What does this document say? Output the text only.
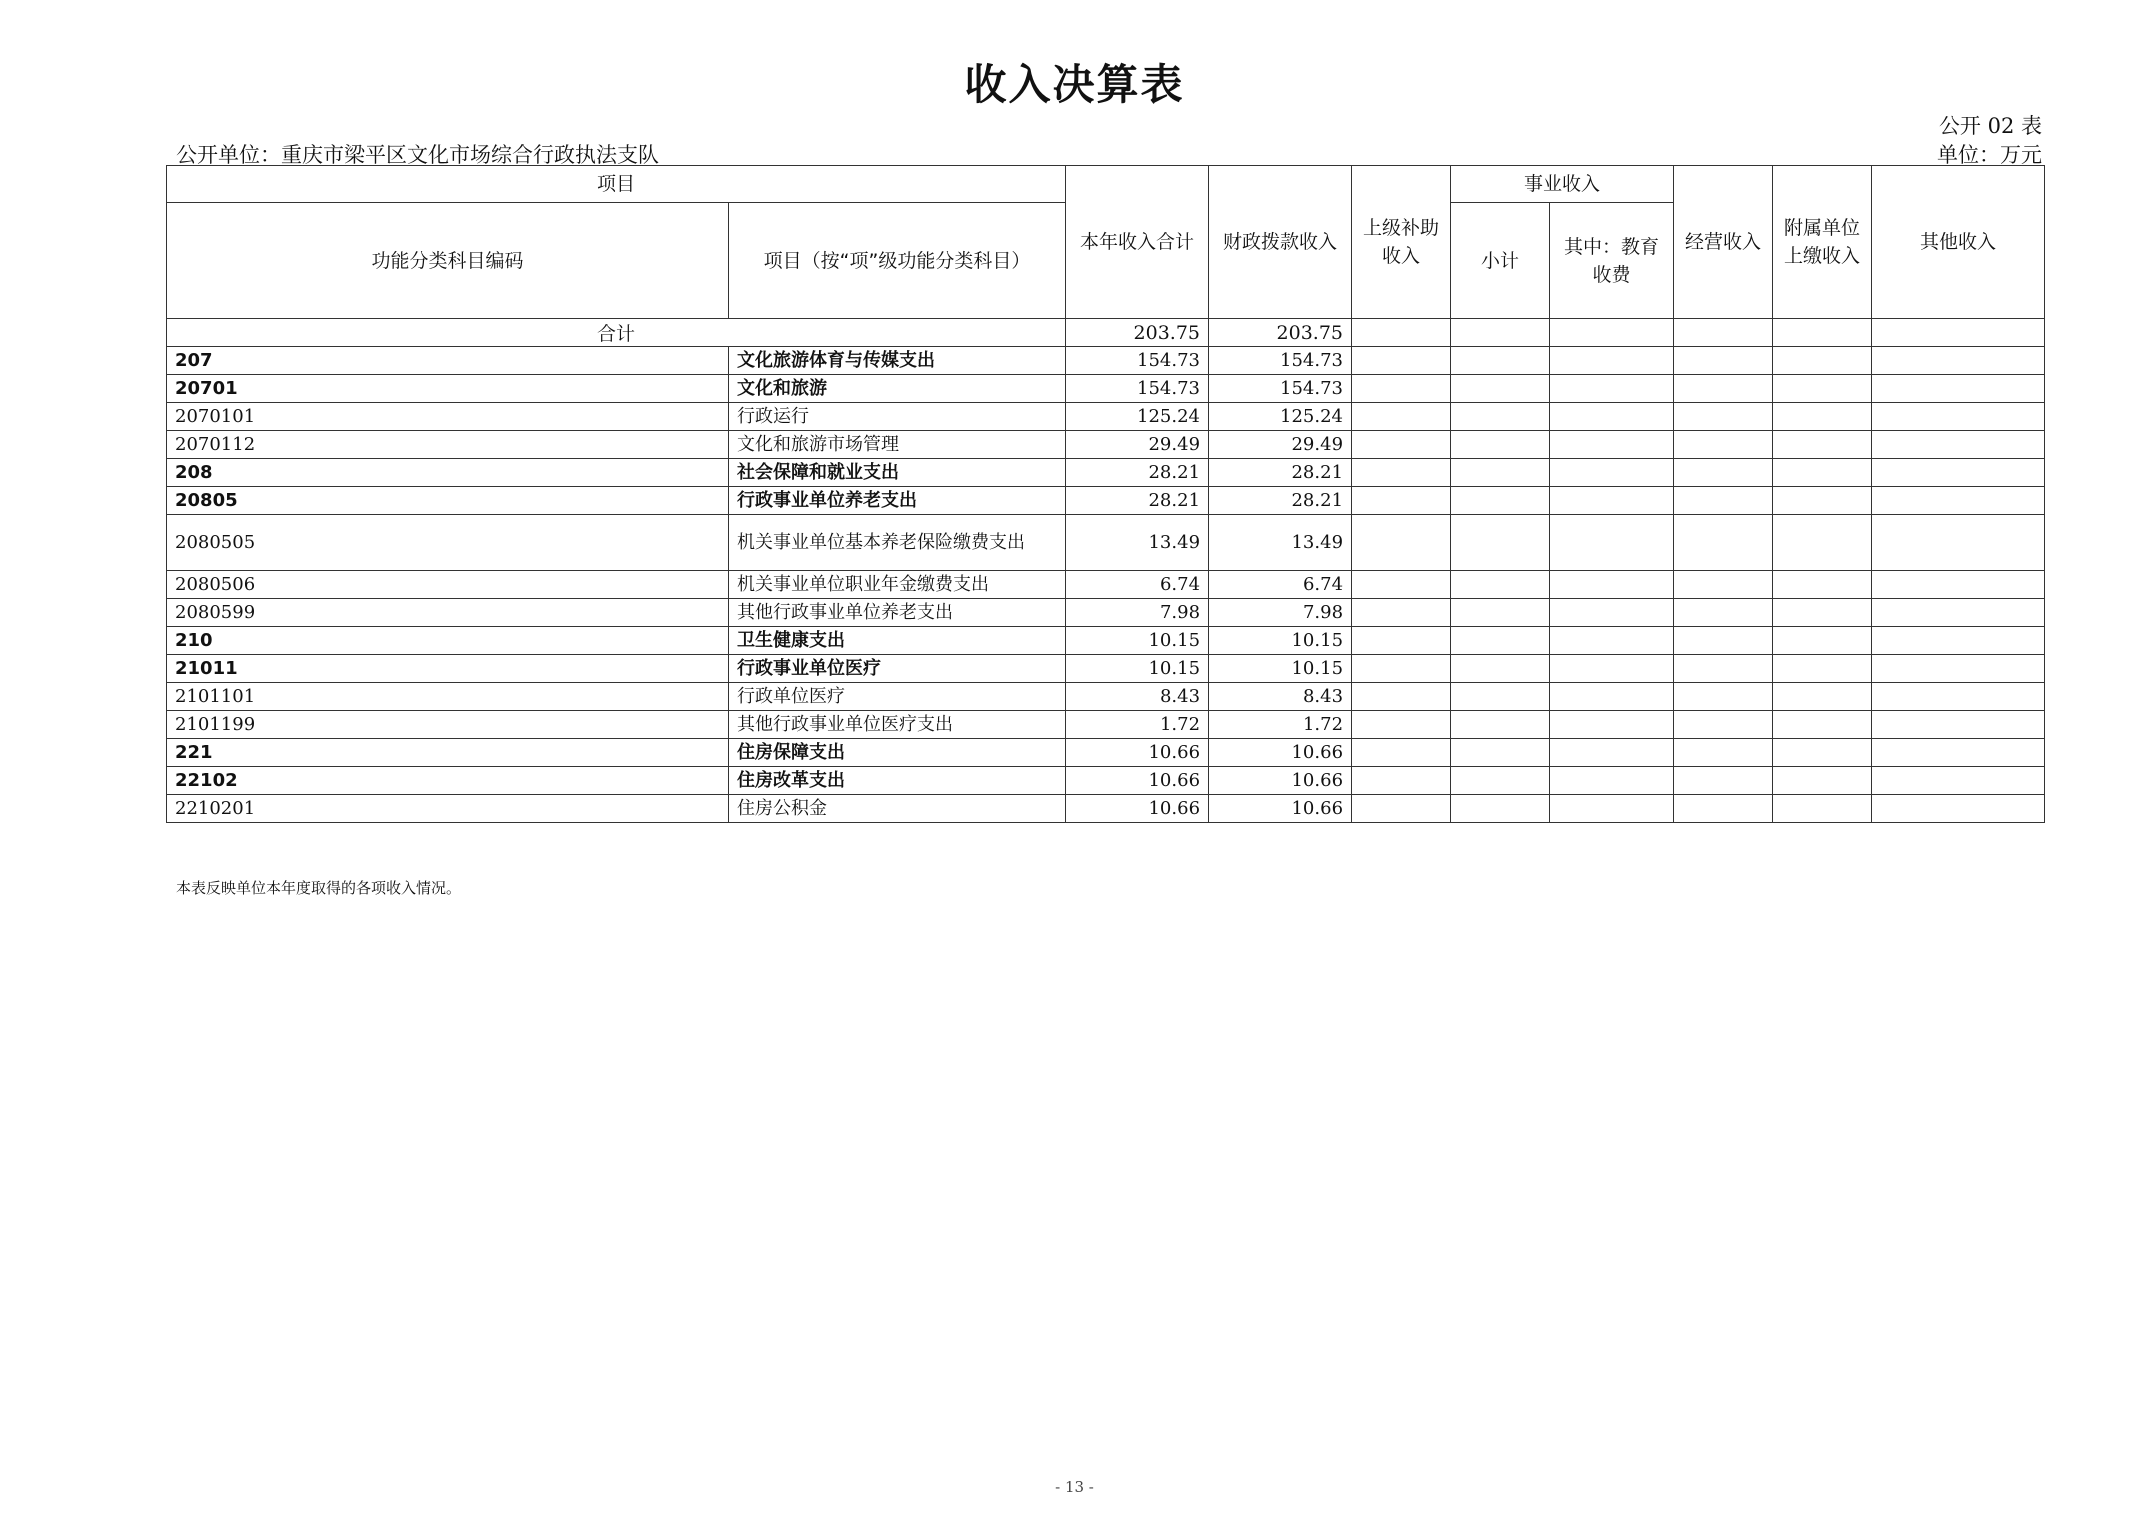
收入决算表
公开 02 表
公开单位：重庆市梁平区文化市场综合行政执法支队	单位：万元
项目		本年收入合计	财政拨款收入	上级补助收入	事业收入		经营收入	附属单位上缴收入	其他收入
功能分类科目编码	项目（按“项”级功能分类科目）				小计	其中：教育收费			
合计		203.75	203.75						
207	文化旅游体育与传媒支出	154.73	154.73						
20701	文化和旅游	154.73	154.73						
2070101	行政运行	125.24	125.24						
2070112	文化和旅游市场管理	29.49	29.49						
208	社会保障和就业支出	28.21	28.21						
20805	行政事业单位养老支出	28.21	28.21						
2080505	机关事业单位基本养老保险缴费支出	13.49	13.49						
2080506	机关事业单位职业年金缴费支出	6.74	6.74						
2080599	其他行政事业单位养老支出	7.98	7.98						
210	卫生健康支出	10.15	10.15						
21011	行政事业单位医疗	10.15	10.15						
2101101	行政单位医疗	8.43	8.43						
2101199	其他行政事业单位医疗支出	1.72	1.72						
221	住房保障支出	10.66	10.66						
22102	住房改革支出	10.66	10.66						
2210201	住房公积金	10.66	10.66						
本表反映单位本年度取得的各项收入情况。
- 13 -
